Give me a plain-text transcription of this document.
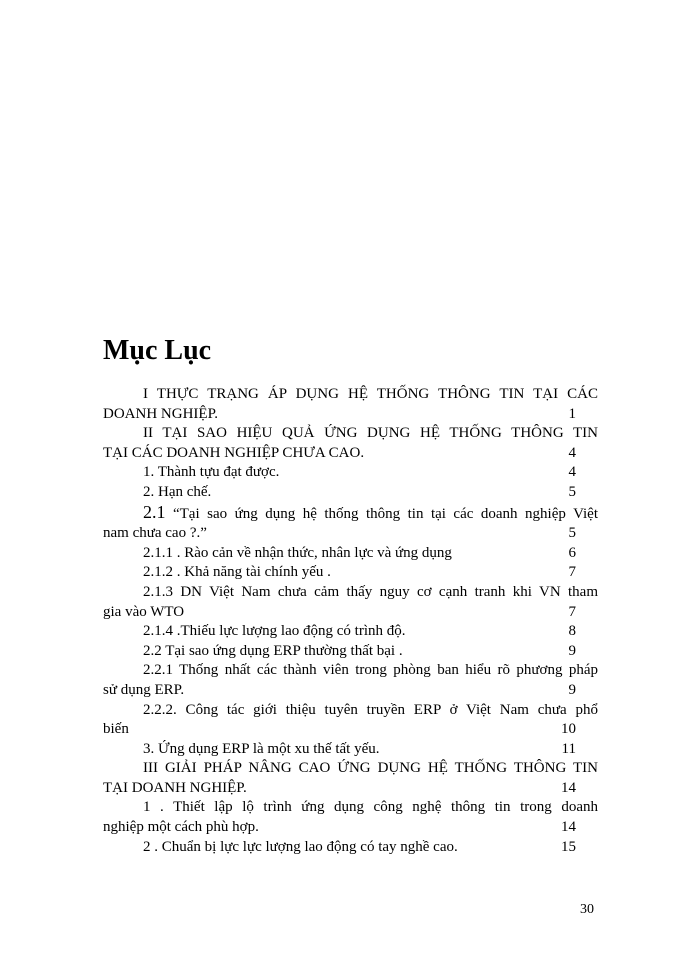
Mục Lục
I THỰC TRẠNG ÁP DỤNG HỆ THỐNG THÔNG TIN TẠI CÁC
DOANH NGHIỆP.	1
II TẠI SAO HIỆU QUẢ ỨNG DỤNG HỆ THỐNG THÔNG TIN
TẠI CÁC DOANH NGHIỆP CHƯA CAO.	4
1. Thành tựu đạt được.	4
2. Hạn chế.	5
2.1 “Tại sao ứng dụng hệ thống thông tin tại các doanh nghiệp Việt
nam chưa cao ?.”	5
2.1.1 . Rào cản về nhận thức, nhân lực và ứng dụng	6
2.1.2 . Khả năng tài chính yếu .	7
2.1.3 DN Việt Nam chưa cảm thấy nguy cơ cạnh tranh khi VN tham
gia vào WTO	7
2.1.4 .Thiếu lực lượng lao động có trình độ.	8
2.2 Tại sao ứng dụng ERP thường thất bại .	9
2.2.1 Thống nhất các thành viên trong phòng ban hiểu rõ phương pháp
sử dụng ERP.	9
2.2.2. Công tác giới thiệu tuyên truyền ERP ở Việt Nam chưa phổ
biến	10
3. Ứng dụng ERP là một xu thế tất yếu.	11
III GIẢI PHÁP NÂNG CAO ỨNG DỤNG HỆ THỐNG THÔNG TIN
TẠI DOANH NGHIỆP.	14
1 . Thiết lập lộ trình ứng dụng công nghệ thông tin trong doanh
nghiệp một cách phù hợp.	14
2 . Chuẩn bị lực lực lượng lao động có tay nghề cao.	15
30
